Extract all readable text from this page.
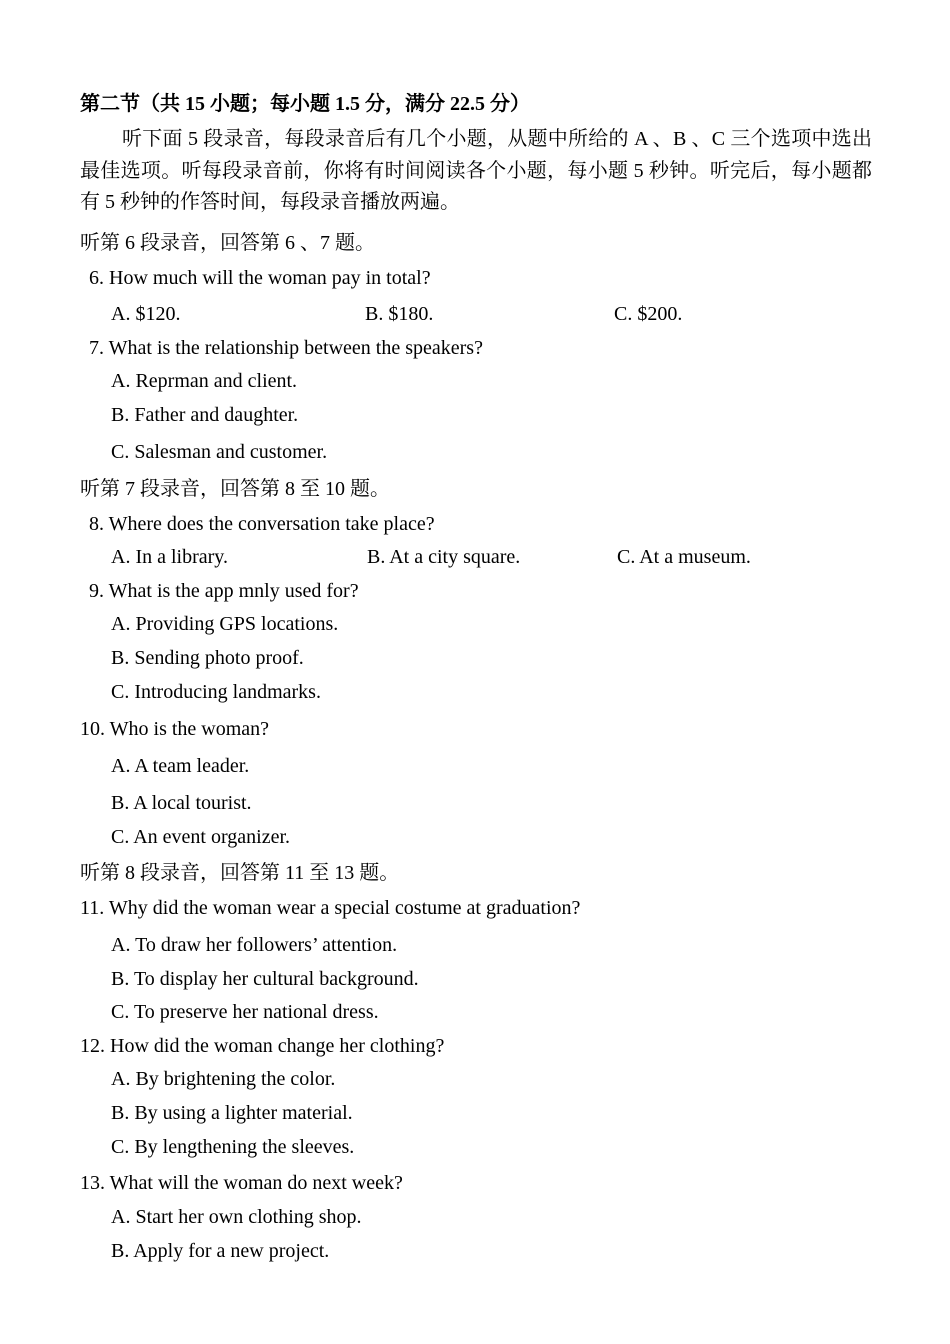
第二节（共 15 小题；每小题 1.5 分，满分 22.5 分）
听下面 5 段录音，每段录音后有几个小题，从题中所给的 A 、B 、C 三个选项中选出最佳选项。听每段录音前，你将有时间阅读各个小题，每小题 5 秒钟。听完后，每小题都有 5 秒钟的作答时间，每段录音播放两遍。
听第 6 段录音，回答第 6 、7 题。
6. How much will the woman pay in total?
A. $120.	B. $180.	C. $200.
7. What is the relationship between the speakers?
A. Reprman and client.
B. Father and daughter.
C. Salesman and customer.
听第 7 段录音，回答第 8 至 10 题。
8. Where does the conversation take place?
A. In a library.	B. At a city square.	C. At a museum.
9. What is the app mnly used for?
A. Providing GPS locations.
B. Sending photo proof.
C. Introducing landmarks.
10. Who is the woman?
A. A team leader.
B. A local tourist.
C. An event organizer.
听第 8 段录音，回答第 11 至 13 题。
11. Why did the woman wear a special costume at graduation?
A. To draw her followers’ attention.
B. To display her cultural background.
C. To preserve her national dress.
12. How did the woman change her clothing?
A. By brightening the color.
B. By using a lighter material.
C. By lengthening the sleeves.
13. What will the woman do next week?
A. Start her own clothing shop.
B. Apply for a new project.
